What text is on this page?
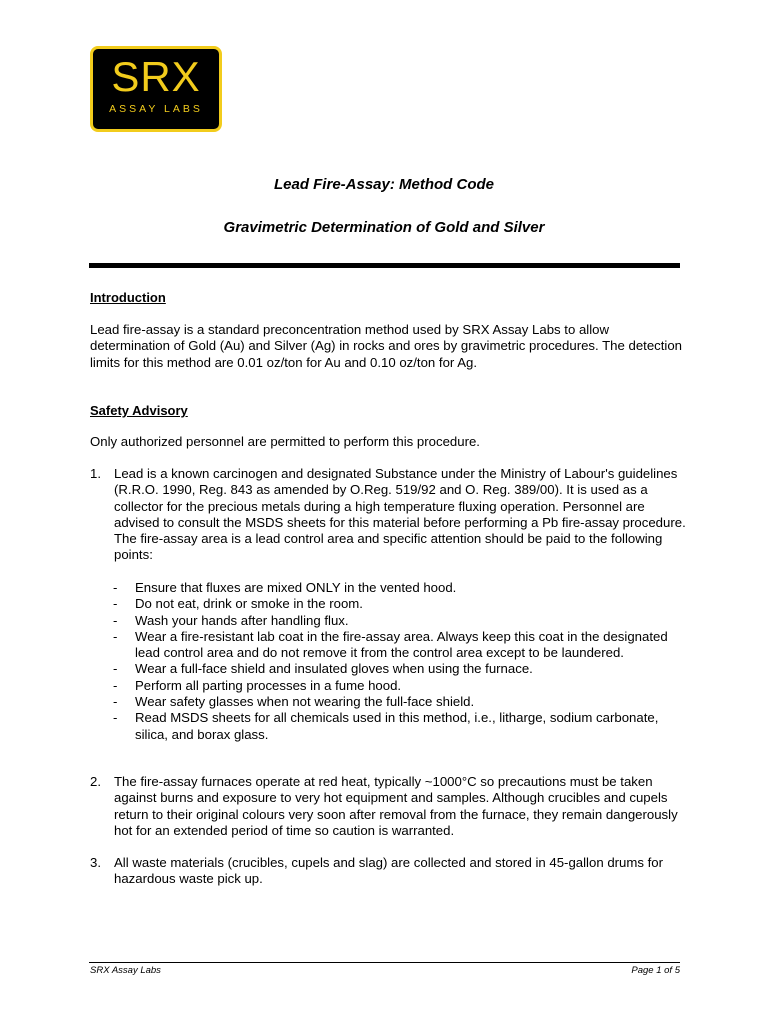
SRX
ASSAY LABS
Lead Fire-Assay: Method Code
Gravimetric Determination of Gold and Silver
Introduction

Lead fire-assay is a standard preconcentration method used by SRX Assay Labs to allow determination of Gold (Au) and Silver (Ag) in rocks and ores by gravimetric procedures. The detection limits for this method are 0.01 oz/ton for Au and 0.10 oz/ton for Ag.

Safety Advisory

Only authorized personnel are permitted to perform this procedure.

1. Lead is a known carcinogen and designated Substance under the Ministry of Labour's guidelines (R.R.O. 1990, Reg. 843 as amended by O.Reg. 519/92 and O. Reg. 389/00). It is used as a collector for the precious metals during a high temperature fluxing operation. Personnel are advised to consult the MSDS sheets for this material before performing a Pb fire-assay procedure. The fire-assay area is a lead control area and specific attention should be paid to the following points:
- Ensure that fluxes are mixed ONLY in the vented hood.
- Do not eat, drink or smoke in the room.
- Wash your hands after handling flux.
- Wear a fire-resistant lab coat in the fire-assay area. Always keep this coat in the designated lead control area and do not remove it from the control area except to be laundered.
- Wear a full-face shield and insulated gloves when using the furnace.
- Perform all parting processes in a fume hood.
- Wear safety glasses when not wearing the full-face shield.
- Read MSDS sheets for all chemicals used in this method, i.e., litharge, sodium carbonate, silica, and borax glass.
2. The fire-assay furnaces operate at red heat, typically ~1000°C so precautions must be taken against burns and exposure to very hot equipment and samples. Although crucibles and cupels return to their original colours very soon after removal from the furnace, they remain dangerously hot for an extended period of time so caution is warranted.
3. All waste materials (crucibles, cupels and slag) are collected and stored in 45-gallon drums for hazardous waste pick up.
SRX Assay Labs	Page 1 of 5
